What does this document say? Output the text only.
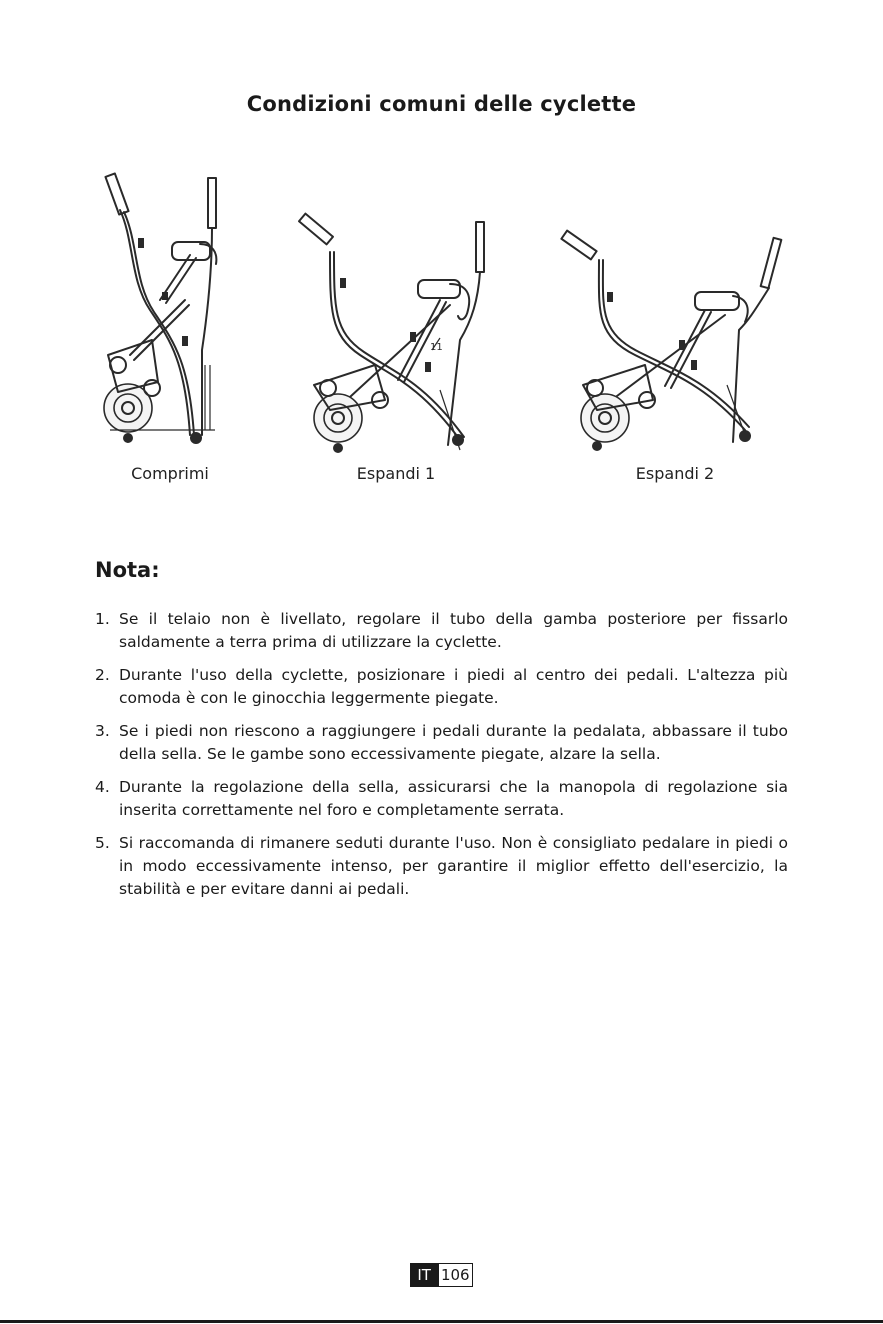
Condizioni comuni delle cyclette
Comprimi
11
Espandi 1	Espandi 2
Nota:
1. Se il telaio non è livellato, regolare il tubo della gamba posteriore per fissarlo saldamente a terra prima di utilizzare la cyclette.
2. Durante l'uso della cyclette, posizionare i piedi al centro dei pedali. L'altezza più comoda è con le ginocchia leggermente piegate.
3. Se i piedi non riescono a raggiungere i pedali durante la pedalata, abbassare il tubo della sella. Se le gambe sono eccessivamente piegate, alzare la sella.
4. Durante la regolazione della sella, assicurarsi che la manopola di regolazione sia inserita correttamente nel foro e completamente serrata.
5. Si raccomanda di rimanere seduti durante l'uso. Non è consigliato pedalare in piedi o in modo eccessivamente intenso, per garantire il miglior effetto dell'esercizio, la stabilità e per evitare danni ai pedali.
IT 106
